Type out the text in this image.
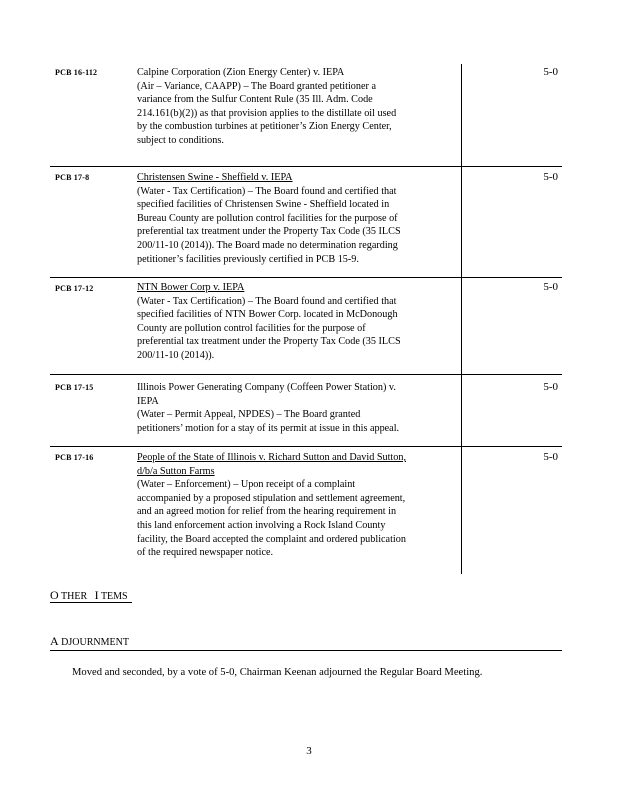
PCB 16-112	Calpine Corporation (Zion Energy Center) v. IEPA
(Air – Variance, CAAPP) – The Board granted petitioner a
variance from the Sulfur Content Rule (35 Ill. Adm. Code
214.161(b)(2)) as that provision applies to the distillate oil used
by the combustion turbines at petitioner’s Zion Energy Center,
subject to conditions.
5-0
PCB 17-8	Christensen Swine - Sheffield v. IEPA
(Water - Tax Certification) – The Board found and certified that
specified facilities of Christensen Swine - Sheffield located in
Bureau County are pollution control facilities for the purpose of
preferential tax treatment under the Property Tax Code (35 ILCS
200/11-10 (2014)). The Board made no determination regarding
petitioner’s facilities previously certified in PCB 15-9.
5-0
PCB 17-12	NTN Bower Corp v. IEPA
(Water - Tax Certification) – The Board found and certified that
specified facilities of NTN Bower Corp. located in McDonough
County are pollution control facilities for the purpose of
preferential tax treatment under the Property Tax Code (35 ILCS
200/11-10 (2014)).
5-0
PCB 17-15	Illinois Power Generating Company (Coffeen Power Station) v.
IEPA
(Water – Permit Appeal, NPDES) – The Board granted
petitioners’ motion for a stay of its permit at issue in this appeal.
5-0
PCB 17-16	People of the State of Illinois v. Richard Sutton and David Sutton,
d/b/a Sutton Farms
(Water – Enforcement) – Upon receipt of a complaint
accompanied by a proposed stipulation and settlement agreement,
and an agreed motion for relief from the hearing requirement in
this land enforcement action involving a Rock Island County
facility, the Board accepted the complaint and ordered publication
of the required newspaper notice.
5-0
O THER I TEMS
A DJOURNMENT
Moved and seconded, by a vote of 5-0, Chairman Keenan adjourned the Regular Board Meeting.
3
